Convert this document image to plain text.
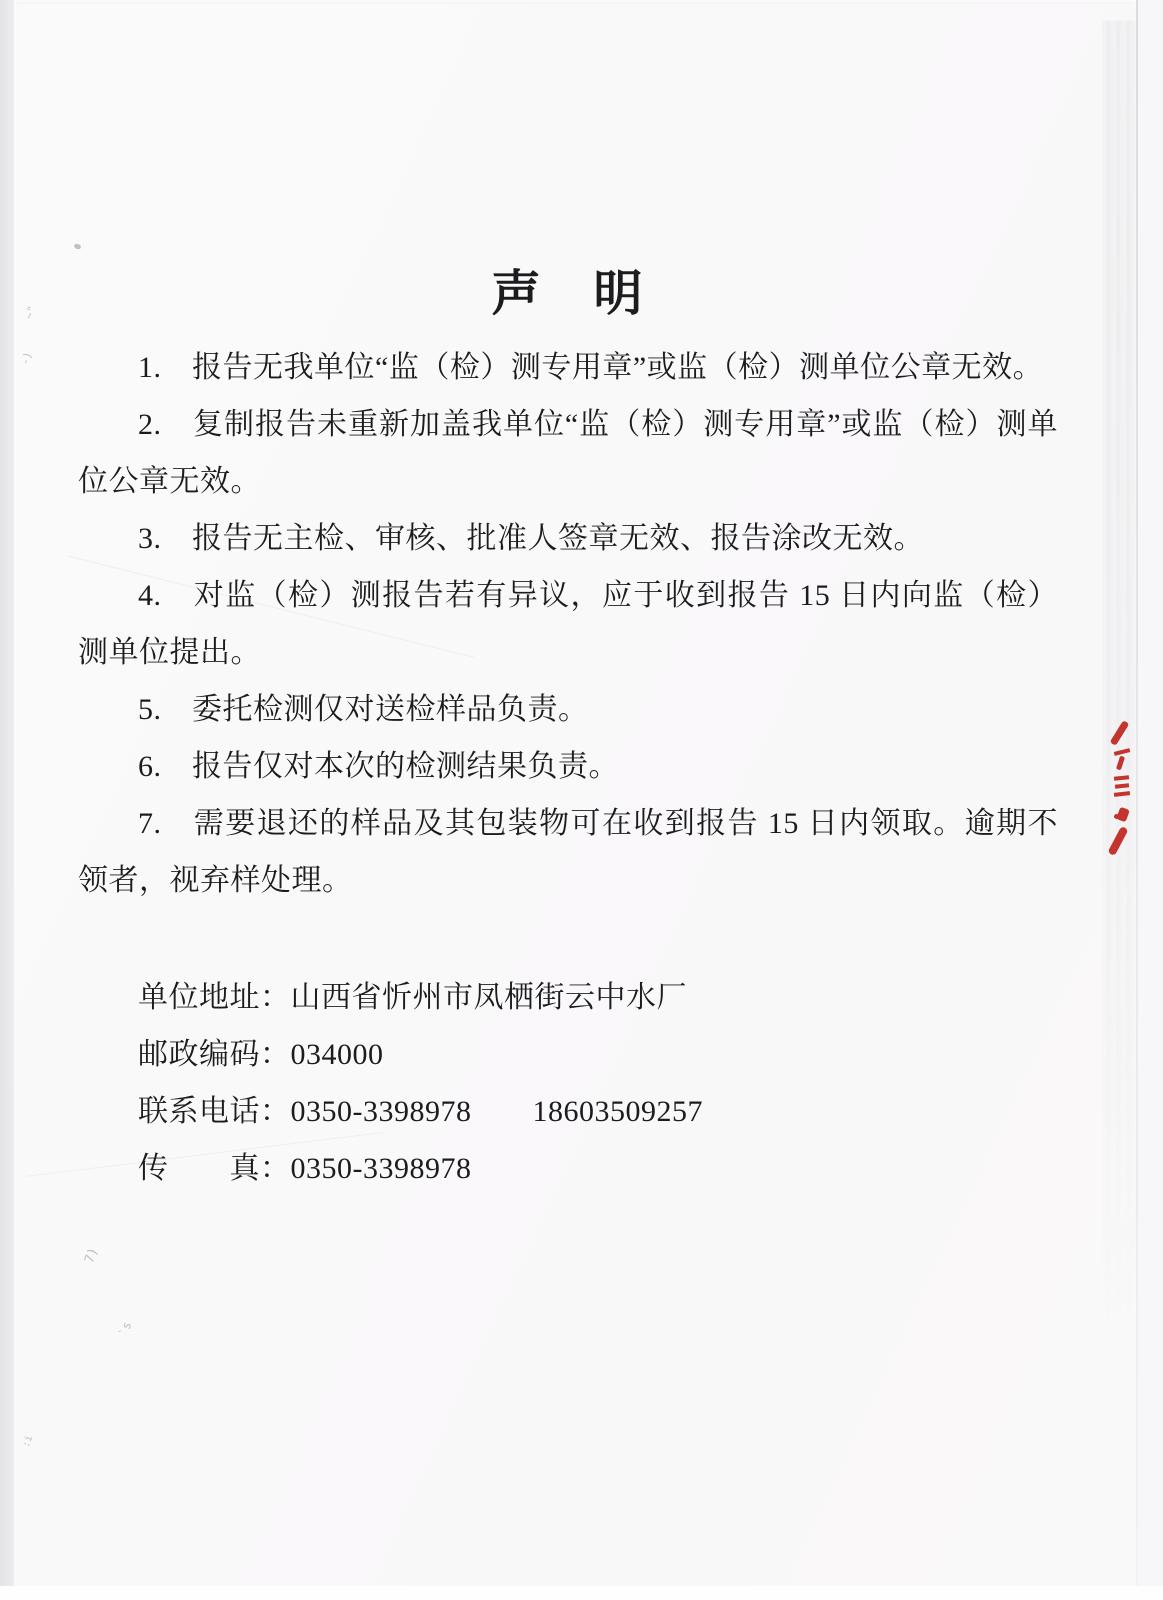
声　明

1.　报告无我单位“监（检）测专用章”或监（检）测单位公章无效。

2.　复制报告未重新加盖我单位“监（检）测专用章”或监（检）测单位公章无效。

3.　报告无主检、审核、批准人签章无效、报告涂改无效。

4.　对监（检）测报告若有异议，应于收到报告 15 日内向监（检）测单位提出。

5.　委托检测仅对送检样品负责。

6.　报告仅对本次的检测结果负责。

7.　需要退还的样品及其包装物可在收到报告 15 日内领取。逾期不领者，视弃样处理。

单位地址：山西省忻州市凤栖街云中水厂

邮政编码：034000

联系电话：0350-3398978　　18603509257

传　　真：0350-3398978

~"
-)
7)
`s
:i
